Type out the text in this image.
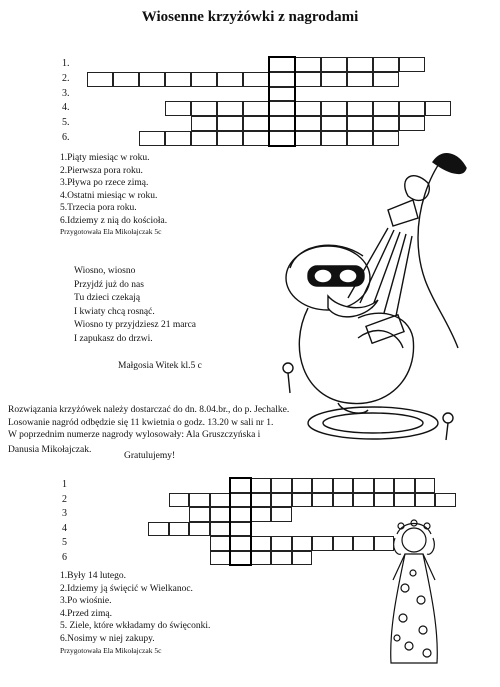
Wiosenne krzyżówki z nagrodami
1.Piąty miesiąc w roku.
2.Pierwsza pora roku.
3.Pływa po rzece zimą.
4.Ostatni miesiąc w roku.
5.Trzecia pora roku.
6.Idziemy z nią do kościoła.
Przygotowała Ela Mikołajczak 5c
Wiosno, wiosno
Przyjdź już do nas
Tu dzieci czekają
I kwiaty chcą rosnąć.
Wiosno ty przyjdziesz 21 marca
I zapukasz do drzwi.
Małgosia Witek kl.5 c
Rozwiązania krzyżówek należy dostarczać do dn. 8.04.br., do p. Jechalke.
Losowanie nagród odbędzie się 11 kwietnia o godz. 13.20 w sali nr 1.
W poprzednim numerze nagrody wylosowały: Ala Gruszczyńska i
Danusia Mikołajczak.
Gratulujemy!
1.Były 14 lutego.
2.Idziemy ją święcić w Wielkanoc.
3.Po wiośnie.
4.Przed zimą.
5. Ziele, które wkładamy do święconki.
6.Nosimy w niej zakupy.
Przygotowała Ela Mikołajczak 5c
1.
2.
3.
4.
5.
6.
1
2
3
4
5
6
